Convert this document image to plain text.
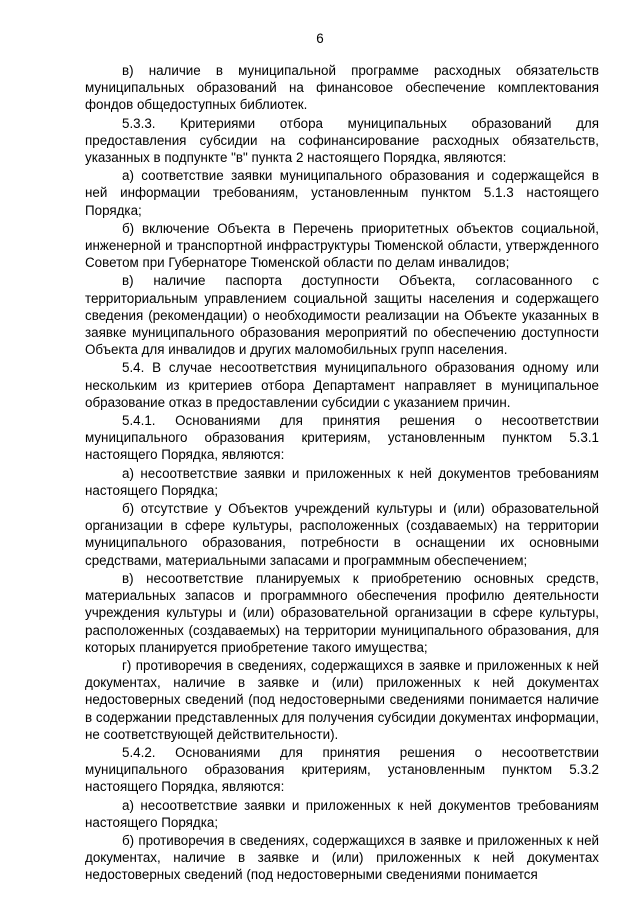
6

в) наличие в муниципальной программе расходных обязательств муниципальных образований на финансовое обеспечение комплектования фондов общедоступных библиотек.

5.3.3. Критериями отбора муниципальных образований для предоставления субсидии на софинансирование расходных обязательств, указанных в подпункте "в" пункта 2 настоящего Порядка, являются:

а) соответствие заявки муниципального образования и содержащейся в ней информации требованиям, установленным пунктом 5.1.3 настоящего Порядка;

б) включение Объекта в Перечень приоритетных объектов социальной, инженерной и транспортной инфраструктуры Тюменской области, утвержденного Советом при Губернаторе Тюменской области по делам инвалидов;

в) наличие паспорта доступности Объекта, согласованного с территориальным управлением социальной защиты населения и содержащего сведения (рекомендации) о необходимости реализации на Объекте указанных в заявке муниципального образования мероприятий по обеспечению доступности Объекта для инвалидов и других маломобильных групп населения.

5.4. В случае несоответствия муниципального образования одному или нескольким из критериев отбора Департамент направляет в муниципальное образование отказ в предоставлении субсидии с указанием причин.

5.4.1. Основаниями для принятия решения о несоответствии муниципального образования критериям, установленным пунктом 5.3.1 настоящего Порядка, являются:

а) несоответствие заявки и приложенных к ней документов требованиям настоящего Порядка;

б) отсутствие у Объектов учреждений культуры и (или) образовательной организации в сфере культуры, расположенных (создаваемых) на территории муниципального образования, потребности в оснащении их основными средствами, материальными запасами и программным обеспечением;

в) несоответствие планируемых к приобретению основных средств, материальных запасов и программного обеспечения профилю деятельности учреждения культуры и (или) образовательной организации в сфере культуры, расположенных (создаваемых) на территории муниципального образования, для которых планируется приобретение такого имущества;

г) противоречия в сведениях, содержащихся в заявке и приложенных к ней документах, наличие в заявке и (или) приложенных к ней документах недостоверных сведений (под недостоверными сведениями понимается наличие в содержании представленных для получения субсидии документах информации, не соответствующей действительности).

5.4.2. Основаниями для принятия решения о несоответствии муниципального образования критериям, установленным пунктом 5.3.2 настоящего Порядка, являются:

а) несоответствие заявки и приложенных к ней документов требованиям настоящего Порядка;

б) противоречия в сведениях, содержащихся в заявке и приложенных к ней документах, наличие в заявке и (или) приложенных к ней документах недостоверных сведений (под недостоверными сведениями понимается
